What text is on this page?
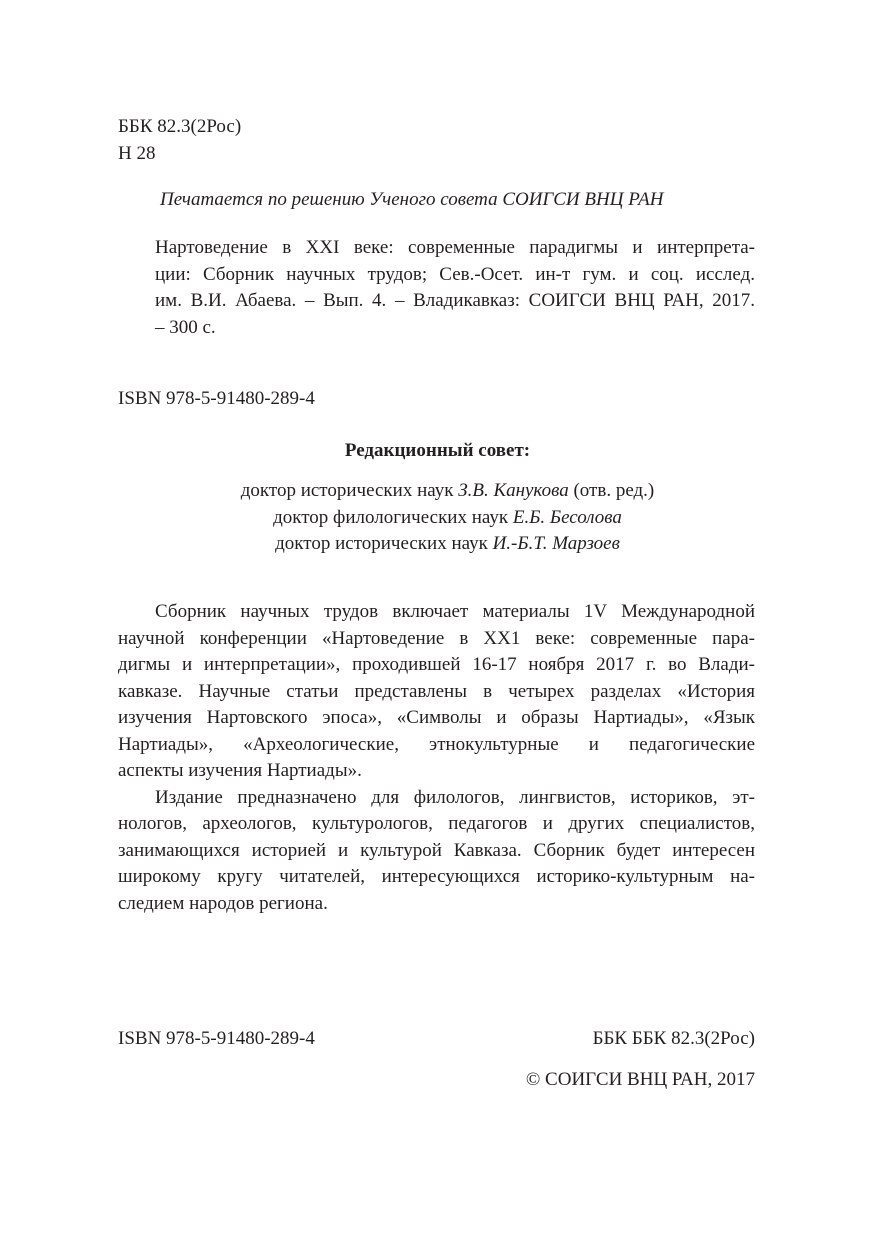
ББК 82.3(2Рос)
Н 28
Печатается по решению Ученого совета СОИГСИ ВНЦ РАН
Нартоведение в XXI веке: современные парадигмы и интерпрета-
ции: Сборник научных трудов; Сев.-Осет. ин-т гум. и соц. исслед.
им. В.И. Абаева. – Вып. 4. – Владикавказ: СОИГСИ ВНЦ РАН, 2017.
– 300 с.
ISBN 978-5-91480-289-4
Редакционный совет:
доктор исторических наук З.В. Канукова (отв. ред.)
доктор филологических наук Е.Б. Бесолова
доктор исторических наук И.-Б.Т. Марзоев
Сборник научных трудов включает материалы 1V Международной
научной конференции «Нартоведение в ХХ1 веке: современные пара-
дигмы и интерпретации», проходившей 16-17 ноября 2017 г. во Влади-
кавказе. Научные статьи представлены в четырех разделах «История
изучения Нартовского эпоса», «Символы и образы Нартиады», «Язык
Нартиады», «Археологические, этнокультурные и педагогические
аспекты изучения Нартиады».
Издание предназначено для филологов, лингвистов, историков, эт-
нологов, археологов, культурологов, педагогов и других специалистов,
занимающихся историей и культурой Кавказа. Сборник будет интересен
широкому кругу читателей, интересующихся историко-культурным на-
следием народов региона.
ISBN 978-5-91480-289-4	ББК ББК 82.3(2Рос)
© СОИГСИ ВНЦ РАН, 2017
